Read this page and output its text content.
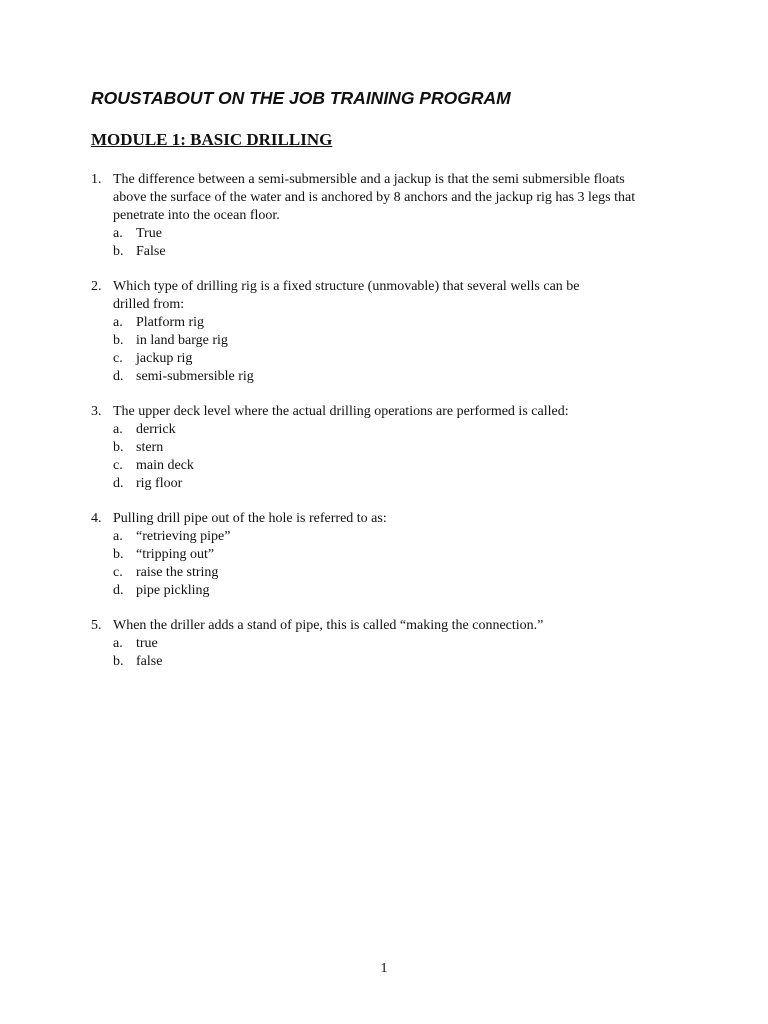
ROUSTABOUT ON THE JOB TRAINING PROGRAM
MODULE 1: BASIC DRILLING
1. The difference between a semi-submersible and a jackup is that the semi submersible floats
above the surface of the water and is anchored by 8 anchors and the jackup rig has 3 legs that
penetrate into the ocean floor.
a. True
b. False
2. Which type of drilling rig is a fixed structure (unmovable) that several wells can be
drilled from:
a. Platform rig
b. in land barge rig
c. jackup rig
d. semi-submersible rig
3. The upper deck level where the actual drilling operations are performed is called:
a. derrick
b. stern
c. main deck
d. rig floor
4. Pulling drill pipe out of the hole is referred to as:
a. “retrieving pipe”
b. “tripping out”
c. raise the string
d. pipe pickling
5. When the driller adds a stand of pipe, this is called “making the connection.”
a. true
b. false
1
